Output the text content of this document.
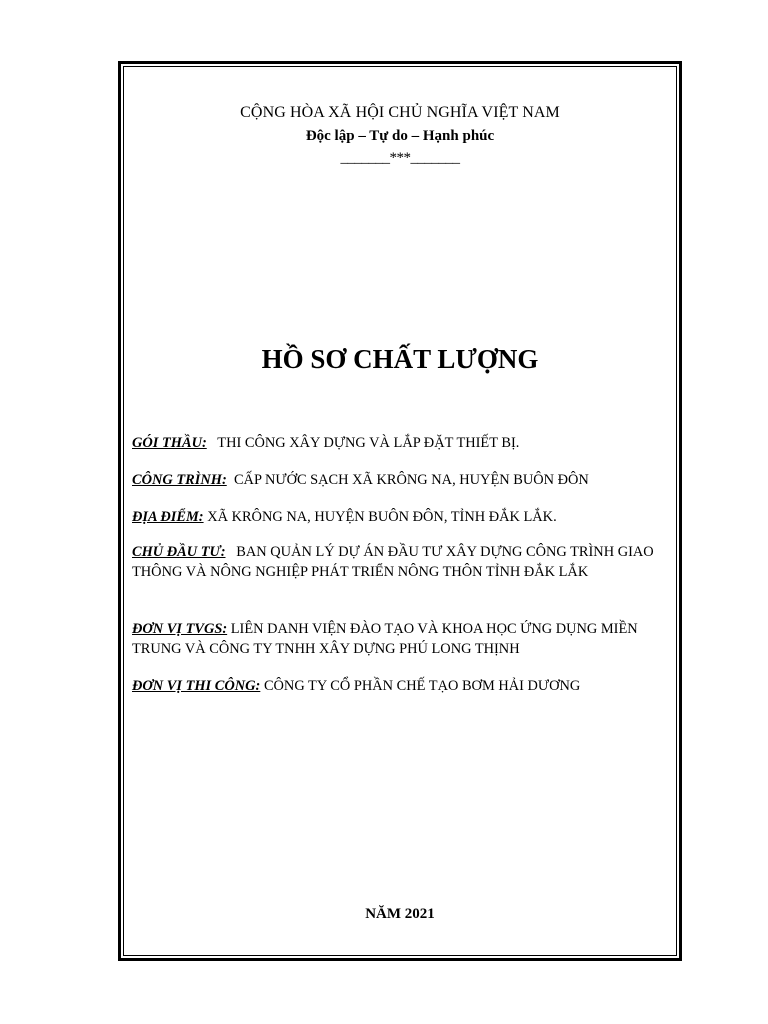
CỘNG HÒA XÃ HỘI CHỦ NGHĨA VIỆT NAM
Độc lập – Tự do – Hạnh phúc
_______***_______
HỒ SƠ CHẤT LƯỢNG
GÓI THẦU: THI CÔNG XÂY DỰNG VÀ LẮP ĐẶT THIẾT BỊ.
CÔNG TRÌNH: CẤP NƯỚC SẠCH XÃ KRÔNG NA, HUYỆN BUÔN ĐÔN
ĐỊA ĐIỂM: XÃ KRÔNG NA, HUYỆN BUÔN ĐÔN, TỈNH ĐẮK LẮK.
CHỦ ĐẦU TƯ: BAN QUẢN LÝ DỰ ÁN ĐẦU TƯ XÂY DỰNG CÔNG TRÌNH GIAO THÔNG VÀ NÔNG NGHIỆP PHÁT TRIỂN NÔNG THÔN TỈNH ĐẮK LẮK
ĐƠN VỊ TVGS: LIÊN DANH VIỆN ĐÀO TẠO VÀ KHOA HỌC ỨNG DỤNG MIỀN TRUNG VÀ CÔNG TY TNHH XÂY DỰNG PHÚ LONG THỊNH
ĐƠN VỊ THI CÔNG: CÔNG TY CỔ PHẦN CHẾ TẠO BƠM HẢI DƯƠNG
NĂM 2021
